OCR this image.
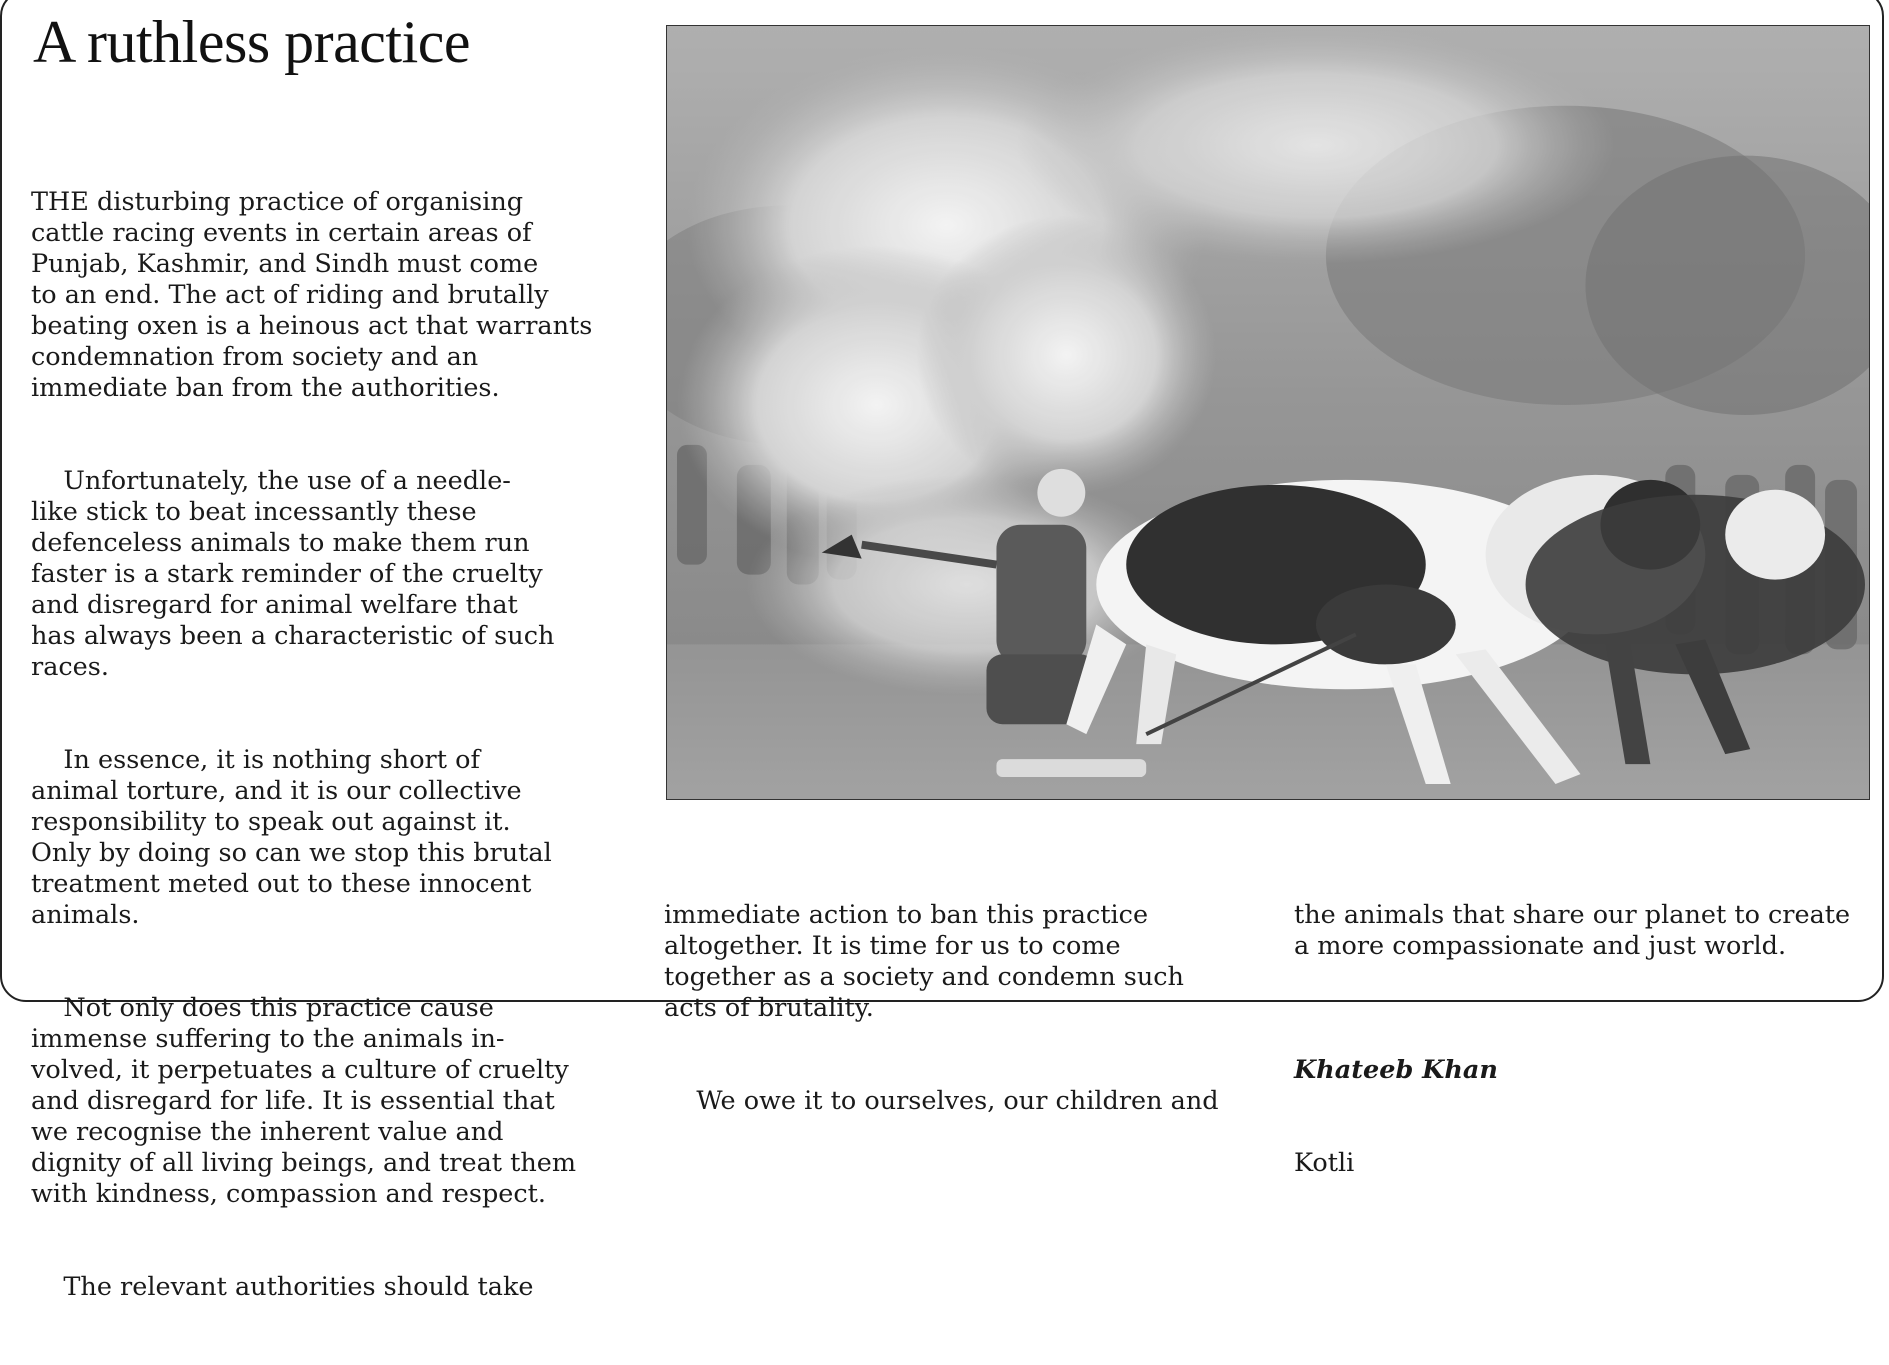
A ruthless practice

THE disturbing practice of organising
cattle racing events in certain areas of
Punjab, Kashmir, and Sindh must come
to an end. The act of riding and brutally
beating oxen is a heinous act that warrants
condemnation from society and an
immediate ban from the authorities.

Unfortunately, the use of a needle-
like stick to beat incessantly these
defenceless animals to make them run
faster is a stark reminder of the cruelty
and disregard for animal welfare that
has always been a characteristic of such
races.

In essence, it is nothing short of
animal torture, and it is our collective
responsibility to speak out against it.
Only by doing so can we stop this brutal
treatment meted out to these innocent
animals.

Not only does this practice cause
immense suffering to the animals in-
volved, it perpetuates a culture of cruelty
and disregard for life. It is essential that
we recognise the inherent value and
dignity of all living beings, and treat them
with kindness, compassion and respect.

The relevant authorities should take

immediate action to ban this practice
altogether. It is time for us to come
together as a society and condemn such
acts of brutality.

We owe it to ourselves, our children and

the animals that share our planet to create
a more compassionate and just world.

Khateeb Khan

Kotli
